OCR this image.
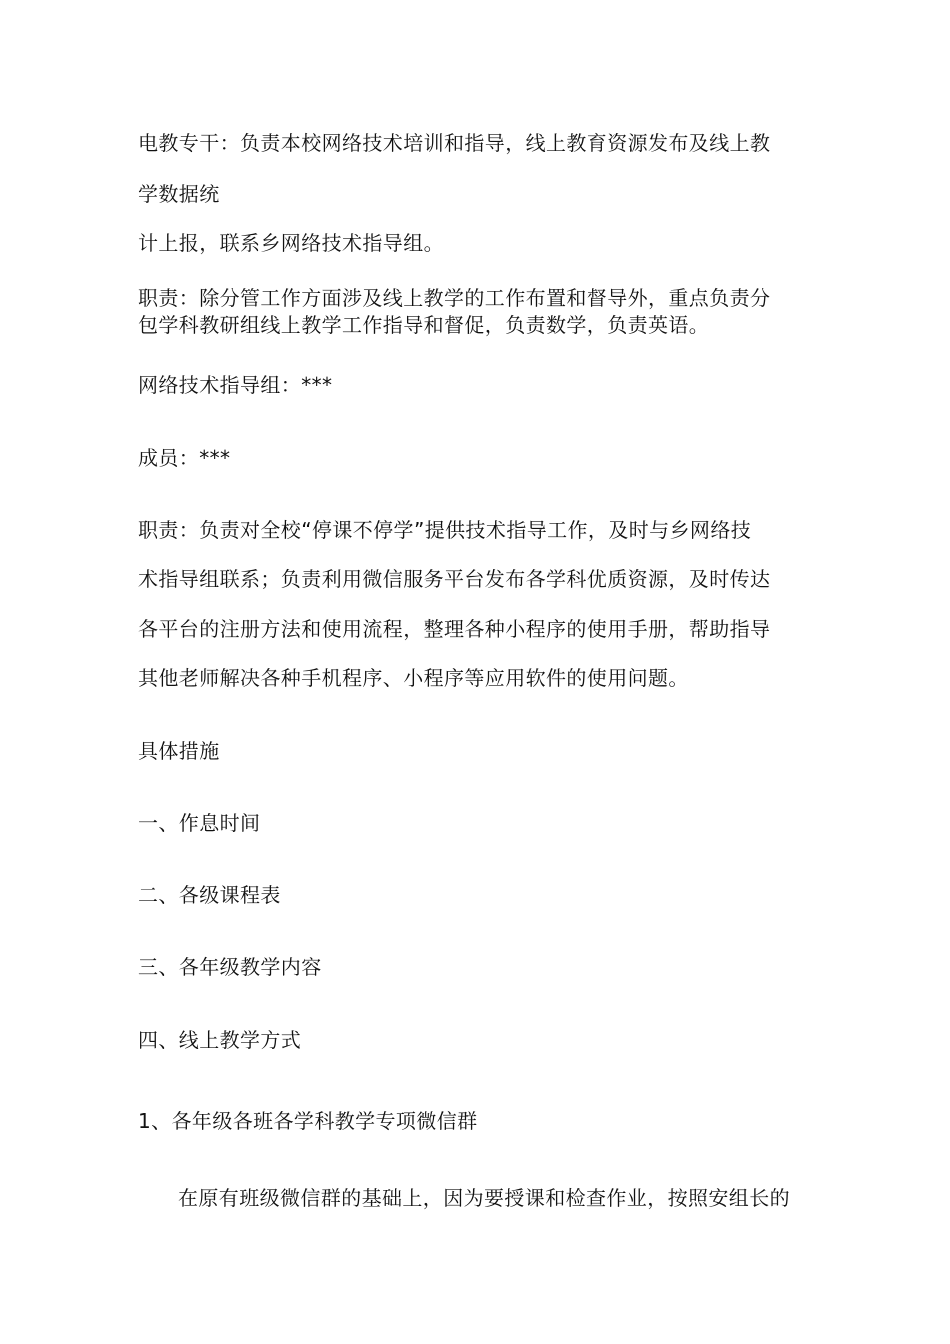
电教专干：负责本校网络技术培训和指导，线上教育资源发布及线上教
学数据统
计上报，联系乡网络技术指导组。
职责：除分管工作方面涉及线上教学的工作布置和督导外，重点负责分
包学科教研组线上教学工作指导和督促，负责数学，负责英语。
网络技术指导组：***
成员：***
职责：负责对全校“停课不停学”提供技术指导工作，及时与乡网络技
术指导组联系；负责利用微信服务平台发布各学科优质资源，及时传达
各平台的注册方法和使用流程，整理各种小程序的使用手册，帮助指导
其他老师解决各种手机程序、小程序等应用软件的使用问题。
具体措施
一、作息时间
二、各级课程表
三、各年级教学内容
四、线上教学方式
1、各年级各班各学科教学专项微信群
在原有班级微信群的基础上，因为要授课和检查作业，按照安组长的
